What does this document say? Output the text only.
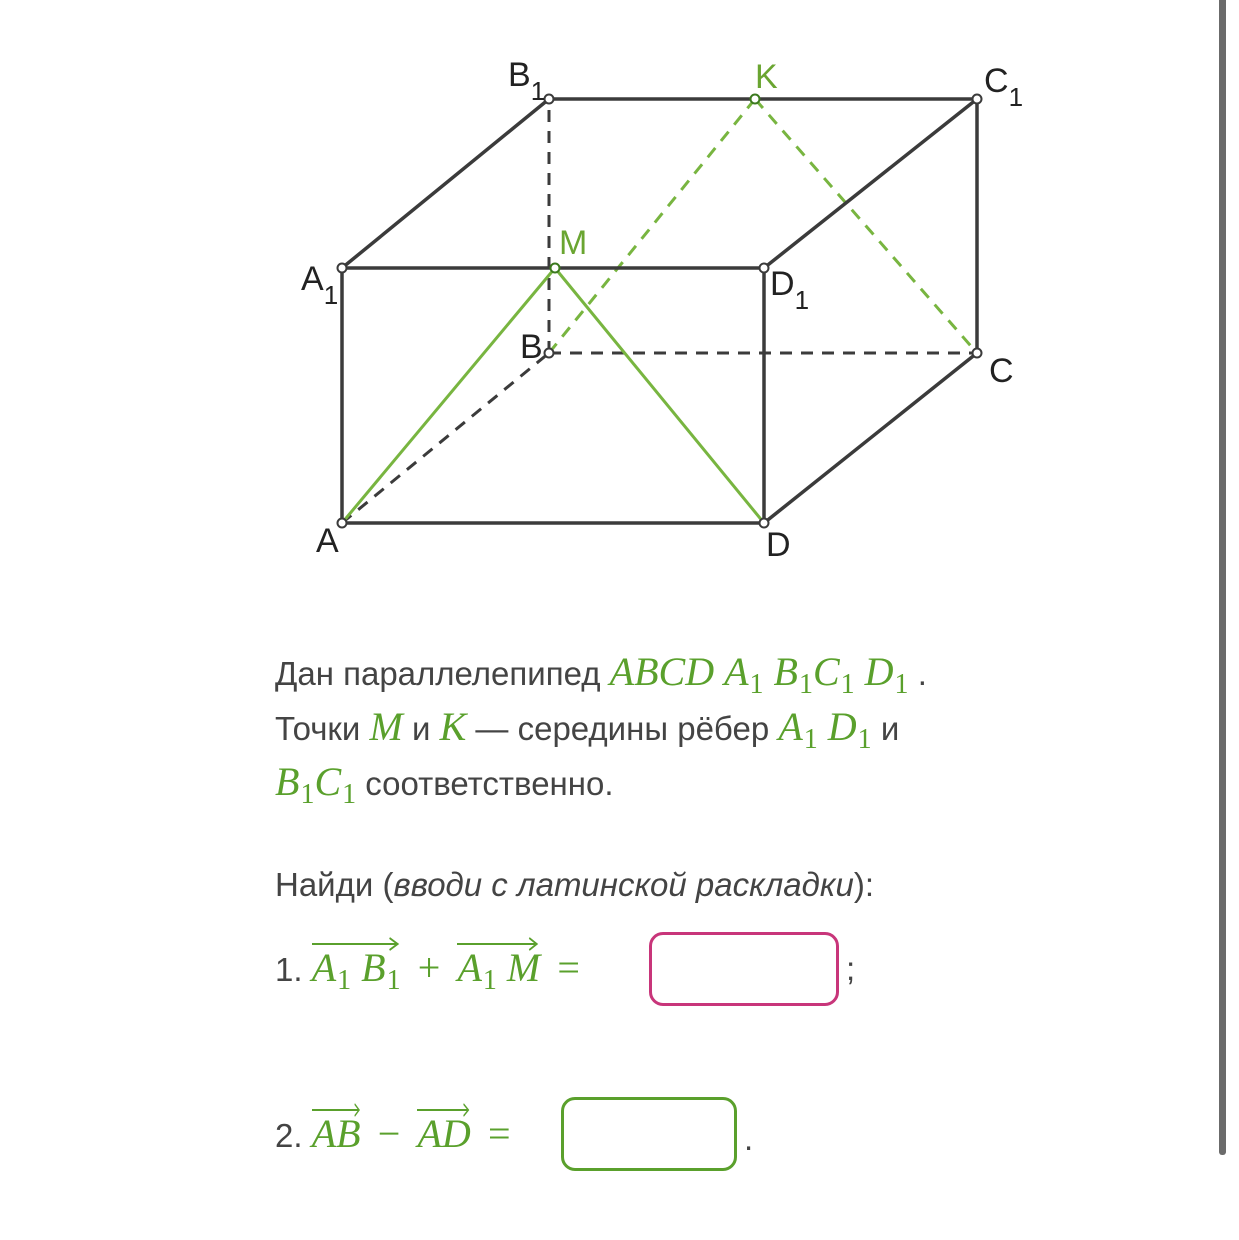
A
B
C
D
$A_1$
$B_1$	$C_1$
$D_1$
M
K
Дан параллелепипед ABCD $A_1$ $B_1C_1$ $D_1$ .
Точки M и K — середины рёбер $A_1$ $D_1$ и
$B_1C_1$ соответственно.
Найди (вводи с латинской раскладки):
1. $A_1$ $B_1 + A_1$ M =	;
2. AB − AD =	.
